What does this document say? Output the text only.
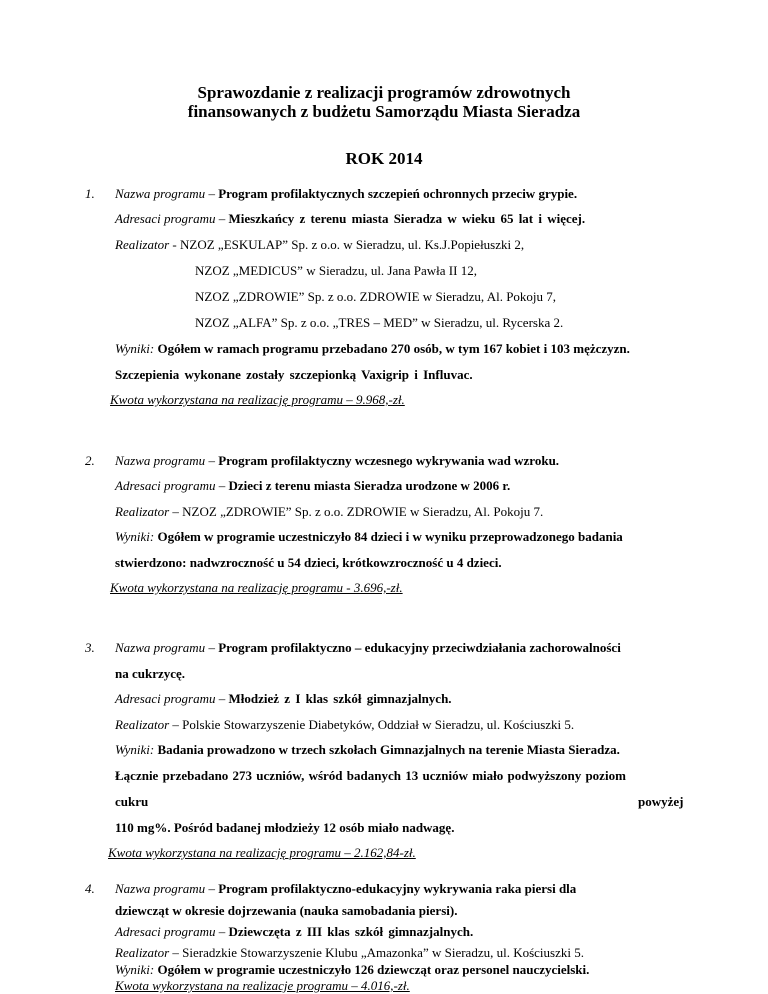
Sprawozdanie z realizacji programów zdrowotnych
finansowanych z budżetu Samorządu Miasta Sieradza
ROK 2014
1. Nazwa programu – Program profilaktycznych szczepień ochronnych przeciw grypie.
Adresaci programu – Mieszkańcy z terenu miasta Sieradza w wieku 65 lat i więcej.
Realizator - NZOZ „ESKULAP” Sp. z o.o. w Sieradzu, ul. Ks.J.Popiełuszki 2,
NZOZ „MEDICUS” w Sieradzu, ul. Jana Pawła II 12,
NZOZ „ZDROWIE” Sp. z o.o. ZDROWIE w Sieradzu, Al. Pokoju 7,
NZOZ „ALFA” Sp. z o.o. „TRES – MED” w Sieradzu, ul. Rycerska 2.
Wyniki: Ogółem w ramach programu przebadano 270 osób, w tym 167 kobiet i 103 mężczyzn.
Szczepienia wykonane zostały szczepionką Vaxigrip i Influvac.
Kwota wykorzystana na realizację programu – 9.968,-zł.
2. Nazwa programu – Program profilaktyczny wczesnego wykrywania wad wzroku.
Adresaci programu – Dzieci z terenu miasta Sieradza urodzone w 2006 r.
Realizator – NZOZ „ZDROWIE” Sp. z o.o. ZDROWIE w Sieradzu, Al. Pokoju 7.
Wyniki: Ogółem w programie uczestniczyło 84 dzieci i w wyniku przeprowadzonego badania
stwierdzono: nadwzroczność u 54 dzieci, krótkowzroczność u 4 dzieci.
Kwota wykorzystana na realizację programu - 3.696,-zł.
3. Nazwa programu – Program profilaktyczno – edukacyjny przeciwdziałania zachorowalności
na cukrzycę.
Adresaci programu – Młodzież z I klas szkół gimnazjalnych.
Realizator – Polskie Stowarzyszenie Diabetyków, Oddział w Sieradzu, ul. Kościuszki 5.
Wyniki: Badania prowadzono w trzech szkołach Gimnazjalnych na terenie Miasta Sieradza.
Łącznie przebadano 273 uczniów, wśród badanych 13 uczniów miało podwyższony poziom
cukru	powyżej
110 mg%. Pośród badanej młodzieży 12 osób miało nadwagę.
Kwota wykorzystana na realizację programu – 2.162,84-zł.
4. Nazwa programu – Program profilaktyczno-edukacyjny wykrywania raka piersi dla
dziewcząt w okresie dojrzewania (nauka samobadania piersi).
Adresaci programu – Dziewczęta z III klas szkół gimnazjalnych.
Realizator – Sieradzkie Stowarzyszenie Klubu „Amazonka” w Sieradzu, ul. Kościuszki 5.
Wyniki: Ogółem w programie uczestniczyło 126 dziewcząt oraz personel nauczycielski.
Kwota wykorzystana na realizacje programu – 4.016,-zł.
